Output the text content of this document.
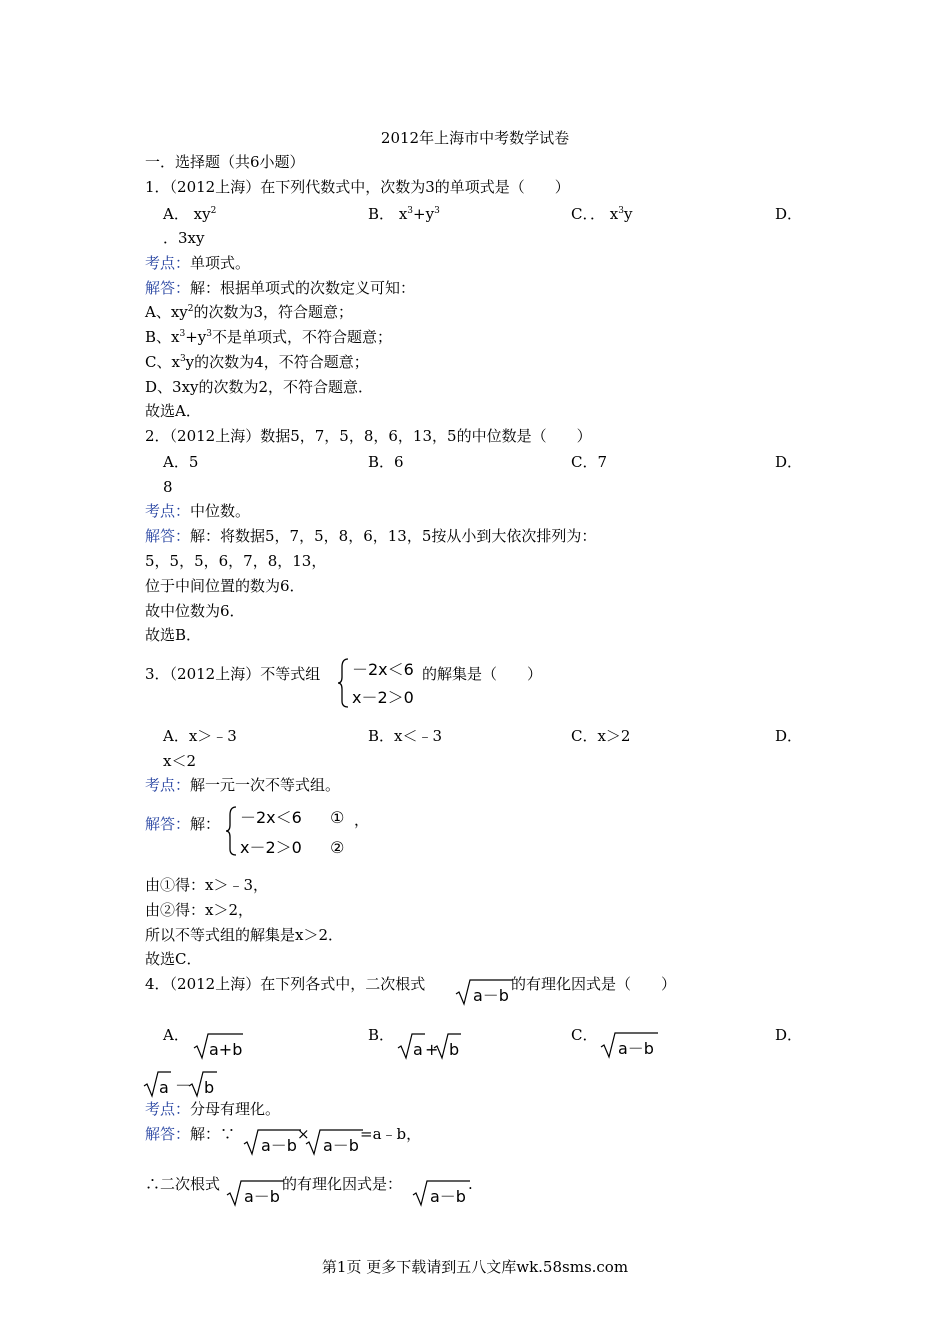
2012年上海市中考数学试卷
一．选择题（共6小题）
1．（2012上海）在下列代数式中，次数为3的单项式是（　　）
A． $xy^2$	B． $x^3+y^3$	C．． $x^3y$	D．
．3xy
考点：单项式。
解答：解：根据单项式的次数定义可知：
A、$xy^2$的次数为3，符合题意；
B、$x^3+y^3$不是单项式，不符合题意；
C、$x^3y$的次数为4，不符合题意；
D、3xy的次数为2，不符合题意．
故选A．
2．（2012上海）数据5，7，5，8，6，13，5的中位数是（　　）
A．5	B．6	C．7	D．
8
考点：中位数。
解答：解：将数据5，7，5，8，6，13，5按从小到大依次排列为：
5，5，5，6，7，8，13，
位于中间位置的数为6．
故中位数为6．
故选B．
3．（2012上海）不等式组 －2x＜6
x－2＞0
的解集是（　　）
A．x＞﹣3	B．x＜﹣3	C．x＞2	D．
x＜2
考点：解一元一次不等式组。
解答：解： －2x＜6
x－2＞0
①
②
，
由①得：x＞﹣3，
由②得：x＞2，
所以不等式组的解集是x＞2．
故选C．
4．（2012上海）在下列各式中，二次根式
a－b
的有理化因式是（　　）
A．
a+b
B．
a + b
C．
a－b
D．
a － b
考点：分母有理化。
解答：解：∵
a－b
×
a－b
=a﹣b，
∴二次根式
a－b
的有理化因式是：
a－b
.
第1页 更多下载请到五八文库wk.58sms.com
